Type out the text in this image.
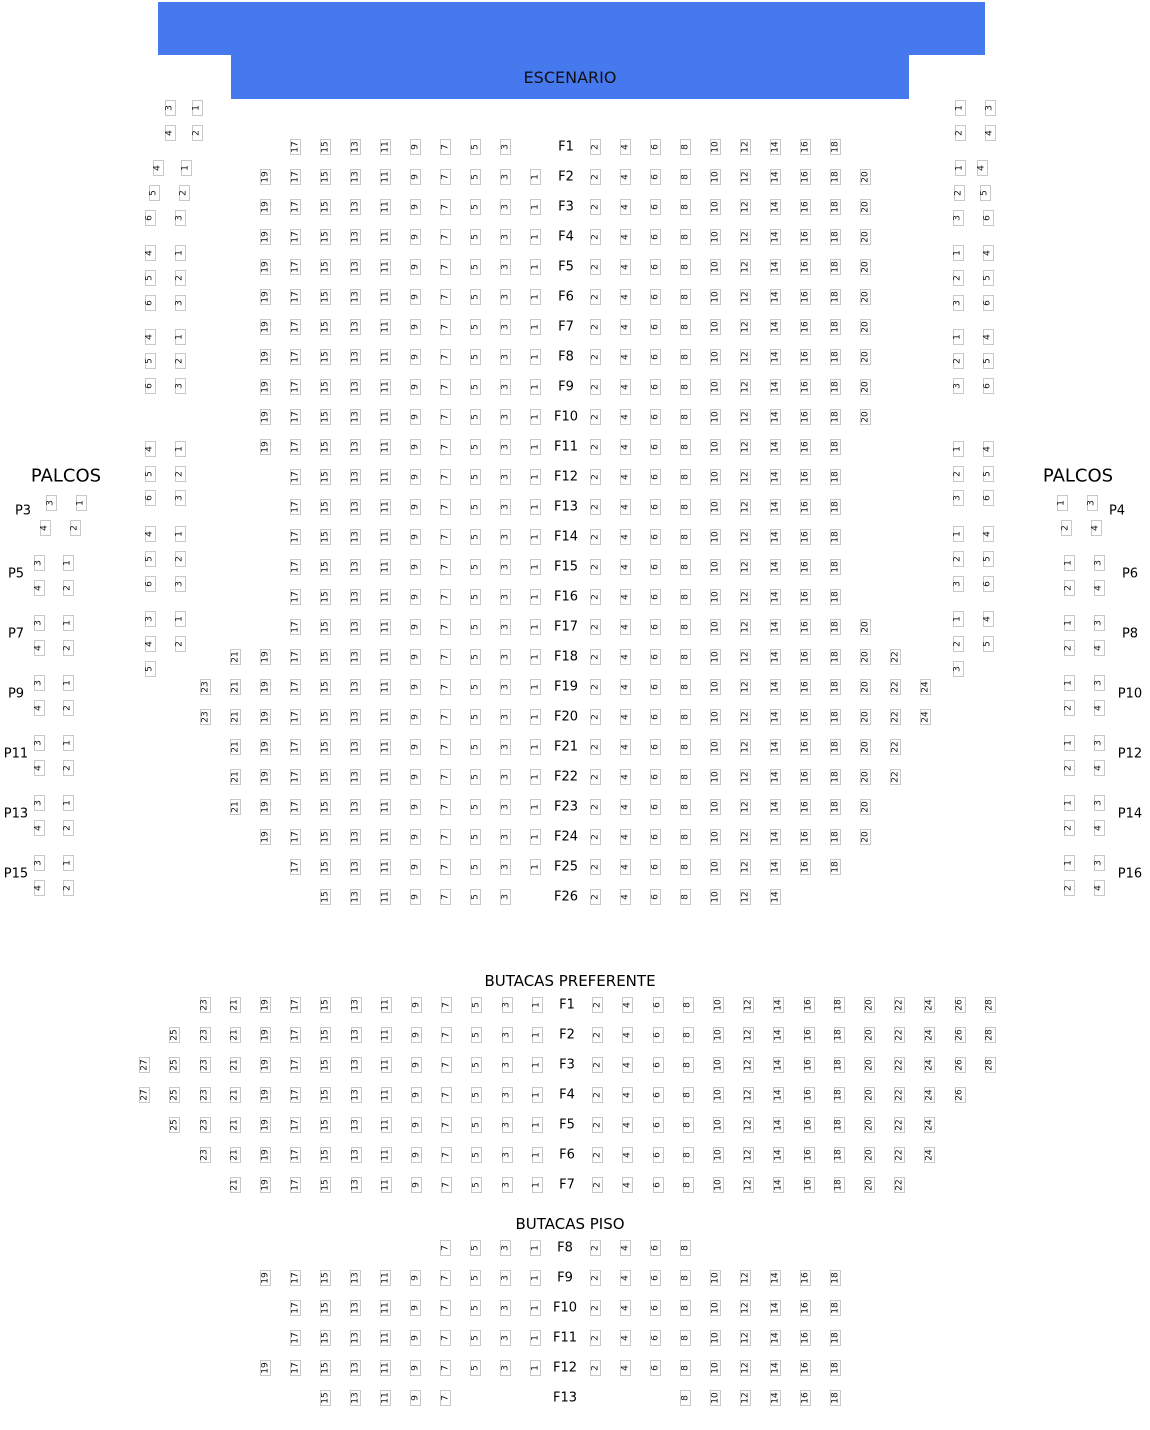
ESCENARIO
PALCOS	PALCOS
BUTACAS PREFERENTE
BUTACAS PISO
F1
17 15 13 11 9 7 5 3	2 4 6 8 10 12 14 16 18
F2
19 17 15 13 11 9 7 5 3 1	2 4 6 8 10 12 14 16 18 20
F3
19 17 15 13 11 9 7 5 3 1	2 4 6 8 10 12 14 16 18 20
F4
19 17 15 13 11 9 7 5 3 1	2 4 6 8 10 12 14 16 18 20
F5
19 17 15 13 11 9 7 5 3 1	2 4 6 8 10 12 14 16 18 20
F6
19 17 15 13 11 9 7 5 3 1	2 4 6 8 10 12 14 16 18 20
F7
19 17 15 13 11 9 7 5 3 1	2 4 6 8 10 12 14 16 18 20
F8
19 17 15 13 11 9 7 5 3 1	2 4 6 8 10 12 14 16 18 20
F9
19 17 15 13 11 9 7 5 3 1	2 4 6 8 10 12 14 16 18 20
F10
19 17 15 13 11 9 7 5 3 1	2 4 6 8 10 12 14 16 18 20
F11
19 17 15 13 11 9 7 5 3 1	2 4 6 8 10 12 14 16 18
F12
17 15 13 11 9 7 5 3 1	2 4 6 8 10 12 14 16 18
F13
17 15 13 11 9 7 5 3 1	2 4 6 8 10 12 14 16 18
F14
17 15 13 11 9 7 5 3 1	2 4 6 8 10 12 14 16 18
F15
17 15 13 11 9 7 5 3 1	2 4 6 8 10 12 14 16 18
F16
17 15 13 11 9 7 5 3 1	2 4 6 8 10 12 14 16 18
F17
17 15 13 11 9 7 5 3 1	2 4 6 8 10 12 14 16 18 20
F18
21 19 17 15 13 11 9 7 5 3 1	2 4 6 8 10 12 14 16 18 20 22
F19
23 21 19 17 15 13 11 9 7 5 3 1	2 4 6 8 10 12 14 16 18 20 22 24
F20
23 21 19 17 15 13 11 9 7 5 3 1	2 4 6 8 10 12 14 16 18 20 22 24
F21
21 19 17 15 13 11 9 7 5 3 1	2 4 6 8 10 12 14 16 18 20 22
F22
21 19 17 15 13 11 9 7 5 3 1	2 4 6 8 10 12 14 16 18 20 22
F23
21 19 17 15 13 11 9 7 5 3 1	2 4 6 8 10 12 14 16 18 20
F24
19 17 15 13 11 9 7 5 3 1	2 4 6 8 10 12 14 16 18 20
F25
17 15 13 11 9 7 5 3 1	2 4 6 8 10 12 14 16 18
F26
15 13 11 9 7 5 3	2 4 6 8 10 12 14
F1
23 21 19 17 15 13 11 9 7 5 3 1	2 4 6 8 10 12 14 16 18 20 22 24 26 28
F2
25 23 21 19 17 15 13 11 9 7 5 3 1	2 4 6 8 10 12 14 16 18 20 22 24 26 28
F3
27 25 23 21 19 17 15 13 11 9 7 5 3 1	2 4 6 8 10 12 14 16 18 20 22 24 26 28
F4
27 25 23 21 19 17 15 13 11 9 7 5 3 1	2 4 6 8 10 12 14 16 18 20 22 24 26
F5
25 23 21 19 17 15 13 11 9 7 5 3 1	2 4 6 8 10 12 14 16 18 20 22 24
F6
23 21 19 17 15 13 11 9 7 5 3 1	2 4 6 8 10 12 14 16 18 20 22 24
F7
21 19 17 15 13 11 9 7 5 3 1	2 4 6 8 10 12 14 16 18 20 22
F8
7 5 3 1	2 4 6 8
F9
19 17 15 13 11 9 7 5 3 1	2 4 6 8 10 12 14 16 18
F10
17 15 13 11 9 7 5 3 1	2 4 6 8 10 12 14 16 18
F11
17 15 13 11 9 7 5 3 1	2 4 6 8 10 12 14 16 18
F12
19 17 15 13 11 9 7 5 3 1	2 4 6 8 10 12 14 16 18
F13
15 13 11 9 7	8 10 12 14 16 18
3 1
4 2
4 1
5 2
6 3
4 1
5 2
6 3
4 1
5 2
6 3
4 1
5 2
6 3
4 1
5 2
6 3
3 1
4 2
5
1 3
2 4
1 4
2 5
3 6
1 4
2 5
3 6
1 4
2 5
3 6
1 4
2 5
3 6
1 4
2 5
3 6
1 4
2 5
3
P3
3 1
4 2
P5
3 1
4 2
P7
3 1
4 2
P9
3 1
4 2
P11
3 1
4 2
P13
3 1
4 2
P15
3 1
4 2
P4
1 3
2 4
P6
1 3
2 4
P8
1 3
2 4
P10
1 3
2 4
P12
1 3
2 4
P14
1 3
2 4
P16
1 3
2 4
